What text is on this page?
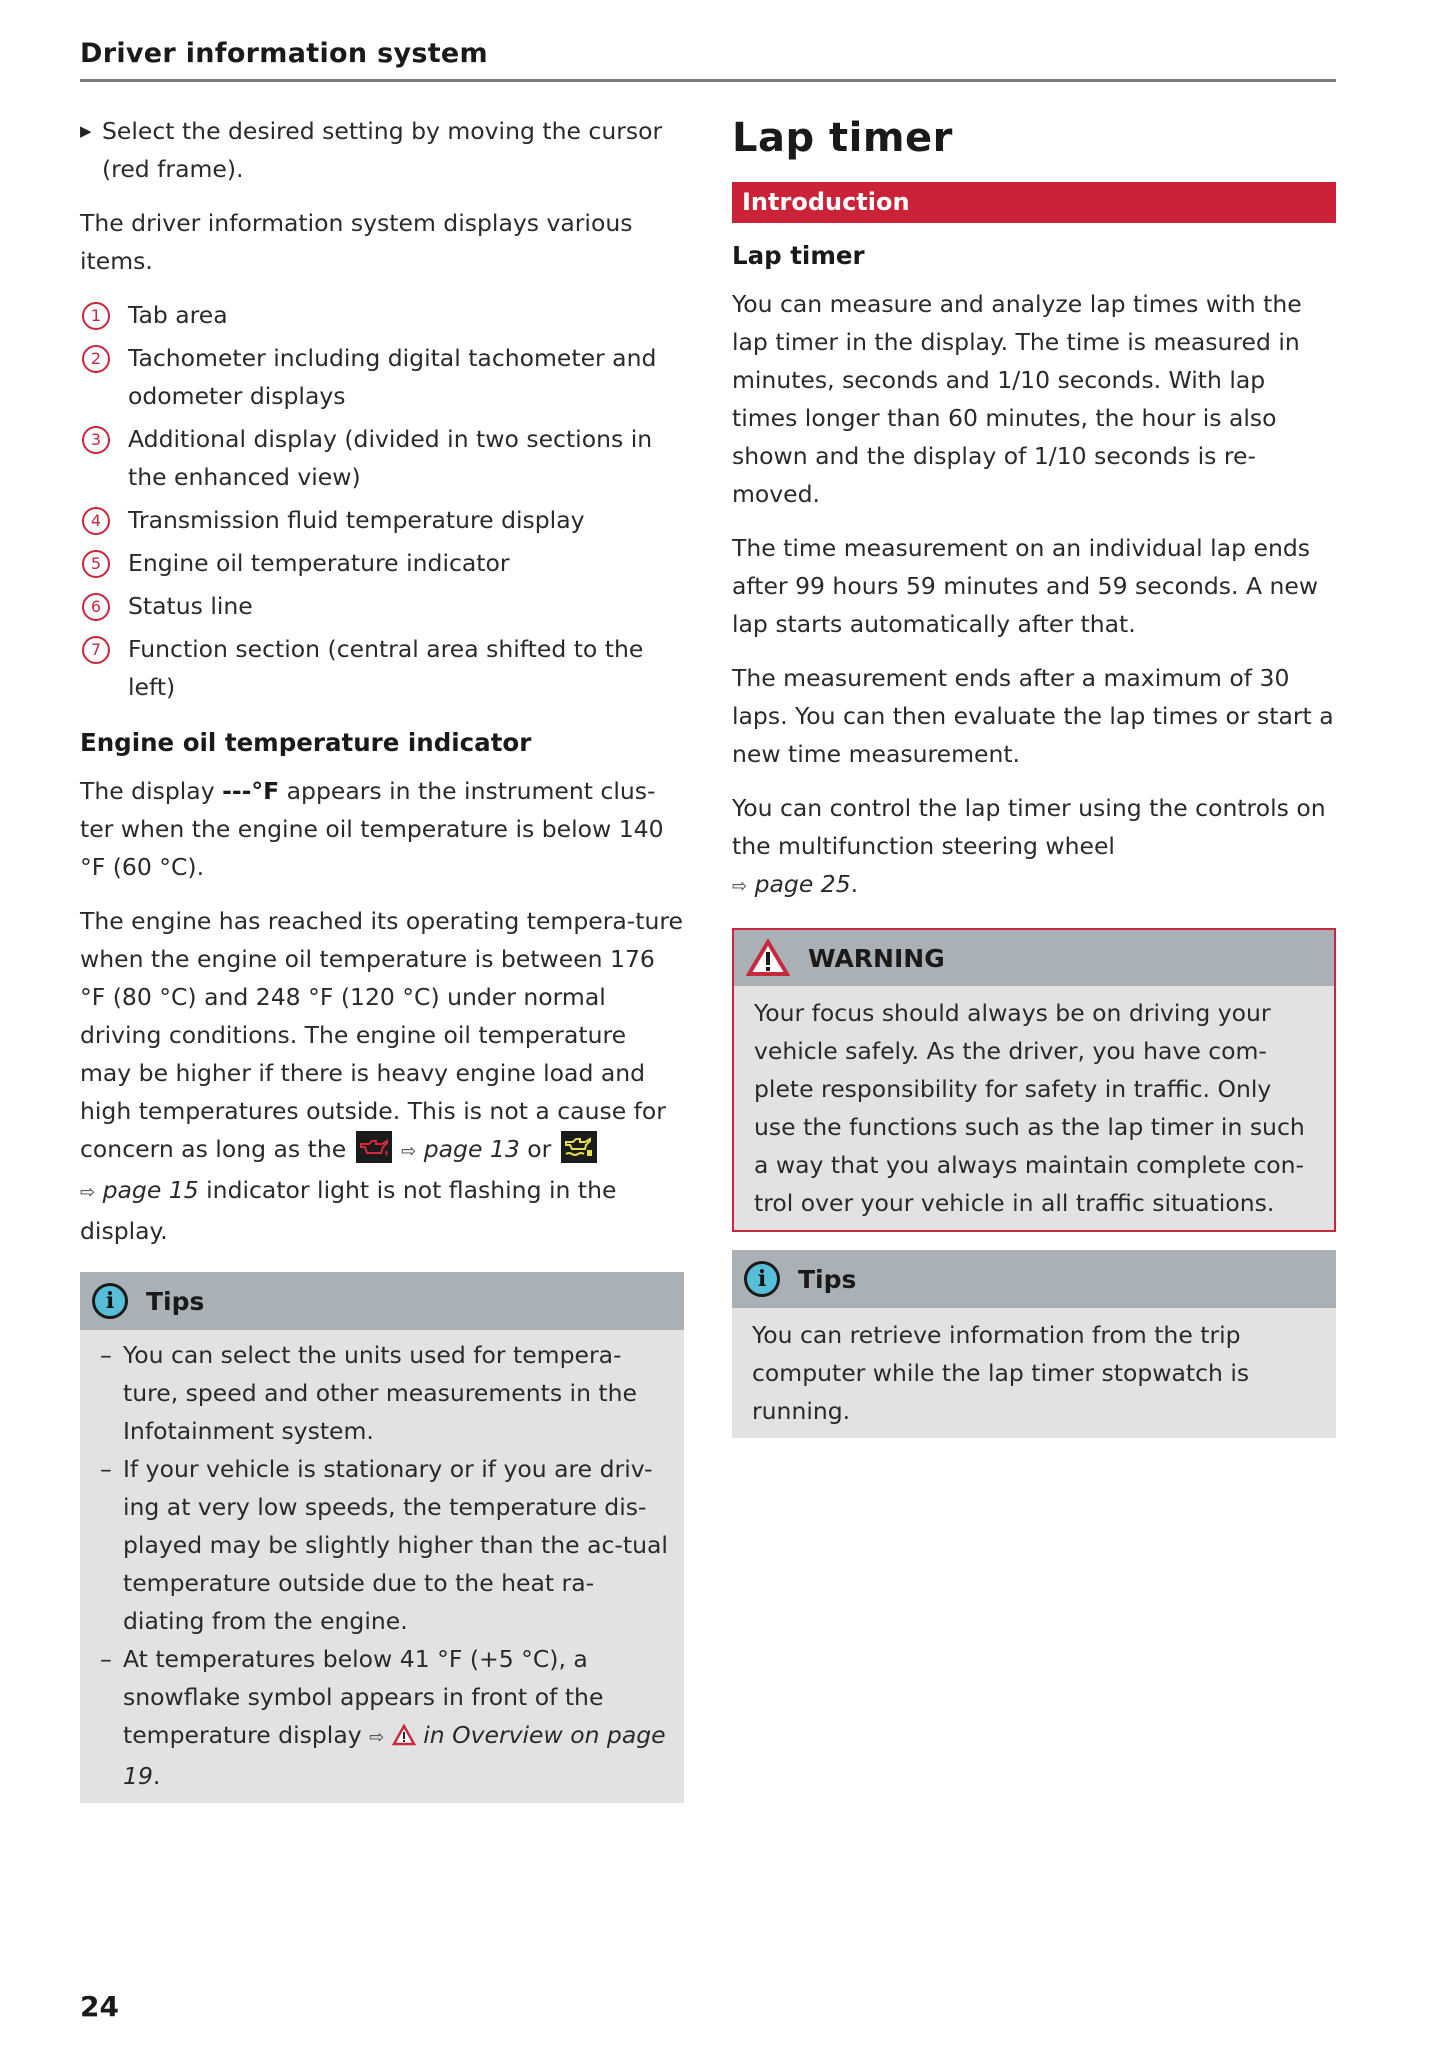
Driver information system

▶ Select the desired setting by moving the cursor (red frame).

The driver information system displays various items.

1	Tab area
2	Tachometer including digital tachometer and odometer displays
3	Additional display (divided in two sections in the enhanced view)
4	Transmission fluid temperature display
5	Engine oil temperature indicator
6	Status line
7	Function section (central area shifted to the left)
Engine oil temperature indicator

The display ---°F appears in the instrument clus-ter when the engine oil temperature is below 140 °F (60 °C).

The engine has reached its operating tempera-ture when the engine oil temperature is between 176 °F (80 °C) and 248 °F (120 °C) under normal driving conditions. The engine oil temperature may be higher if there is heavy engine load and high temperatures outside. This is not a cause for concern as long as the	⇨ page 13 or

⇨ page 15 indicator light is not flashing in the display.

i	Tips
– You can select the units used for tempera-ture, speed and other measurements in the Infotainment system.
– If your vehicle is stationary or if you are driv-ing at very low speeds, the temperature dis-played may be slightly higher than the ac-tual temperature outside due to the heat ra-diating from the engine.
– At temperatures below 41 °F (+5 °C), a snowflake symbol appears in front of the temperature display ⇨ in Overview on page 19.
Lap timer
Introduction
Lap timer

You can measure and analyze lap times with the lap timer in the display. The time is measured in minutes, seconds and 1/10 seconds. With lap times longer than 60 minutes, the hour is also shown and the display of 1/10 seconds is re-moved.

The time measurement on an individual lap ends after 99 hours 59 minutes and 59 seconds. A new lap starts automatically after that.

The measurement ends after a maximum of 30 laps. You can then evaluate the lap times or start a new time measurement.

You can control the lap timer using the controls on the multifunction steering wheel
⇨ page 25.

WARNING

Your focus should always be on driving your vehicle safely. As the driver, you have com-plete responsibility for safety in traffic. Only use the functions such as the lap timer in such a way that you always maintain complete con-trol over your vehicle in all traffic situations.

i	Tips

You can retrieve information from the trip computer while the lap timer stopwatch is running.

24
